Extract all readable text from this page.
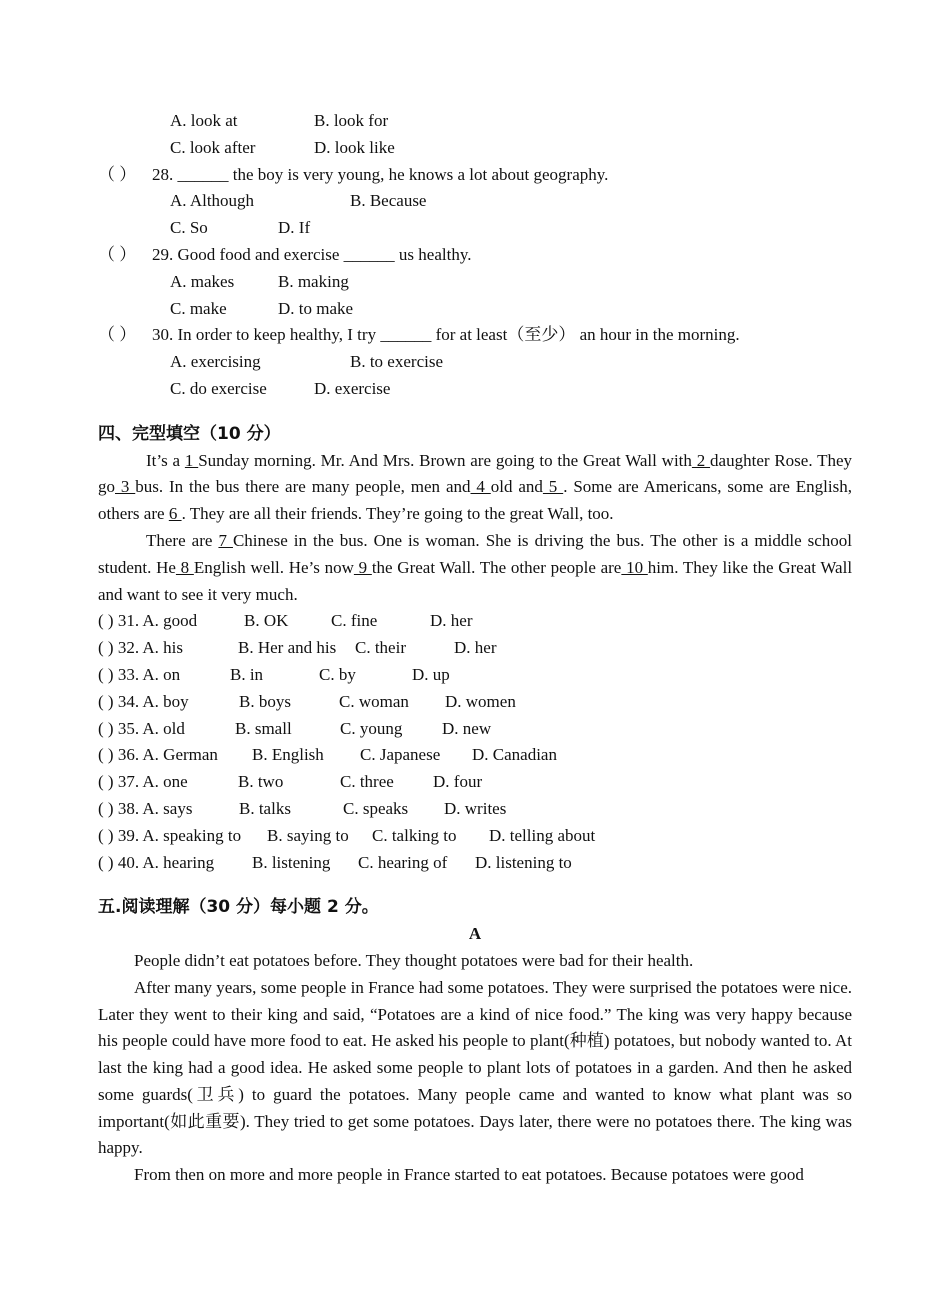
A. look at	B. look for
C. look after	D. look like
（ ） 28. ______ the boy is very young, he knows a lot about geography.
A. Although	B. Because
C. So	D. If
（ ） 29. Good food and exercise ______ us healthy.
A. makes	B. making
C. make	D. to make
（ ） 30. In order to keep healthy, I try ______ for at least（至少） an hour in the morning.
A. exercising	B. to exercise
C. do exercise	D. exercise
四、完型填空（10 分）
It’s a 1 Sunday morning. Mr. And Mrs. Brown are going to the Great Wall with 2 daughter Rose. They go 3 bus. In the bus there are many people, men and 4 old and 5 . Some are Americans, some are English, others are 6 . They are all their friends. They’re going to the great Wall, too.
There are 7 Chinese in the bus. One is woman. She is driving the bus. The other is a middle school student. He 8 English well. He’s now 9 the Great Wall. The other people are 10 him. They like the Great Wall and want to see it very much.
( ) 31. A. good	B. OK	C. fine	D. her
( ) 32. A. his	B. Her and his C. their	D. her
( ) 33. A. on	B. in	C. by	D. up
( ) 34. A. boy	B. boys	C. woman D. women
( ) 35. A. old	B. small	C. young D. new
( ) 36. A. German B. English C. Japanese D. Canadian
( ) 37. A. one	B. two	C. three D. four
( ) 38. A. says	B. talks	C. speaks D. writes
( ) 39. A. speaking to B. saying to C. talking to D. telling about
( ) 40. A. hearing B. listening C. hearing of D. listening to
五.阅读理解（30 分）每小题 2 分。
A
People didn’t eat potatoes before. They thought potatoes were bad for their health.
After many years, some people in France had some potatoes. They were surprised the potatoes were nice. Later they went to their king and said, “Potatoes are a kind of nice food.” The king was very happy because his people could have more food to eat. He asked his people to plant(种植) potatoes, but nobody wanted to. At last the king had a good idea. He asked some people to plant lots of potatoes in a garden. And then he asked some guards(卫兵) to guard the potatoes. Many people came and wanted to know what plant was so important(如此重要). They tried to get some potatoes. Days later, there were no potatoes there. The king was happy.
From then on more and more people in France started to eat potatoes. Because potatoes were good
